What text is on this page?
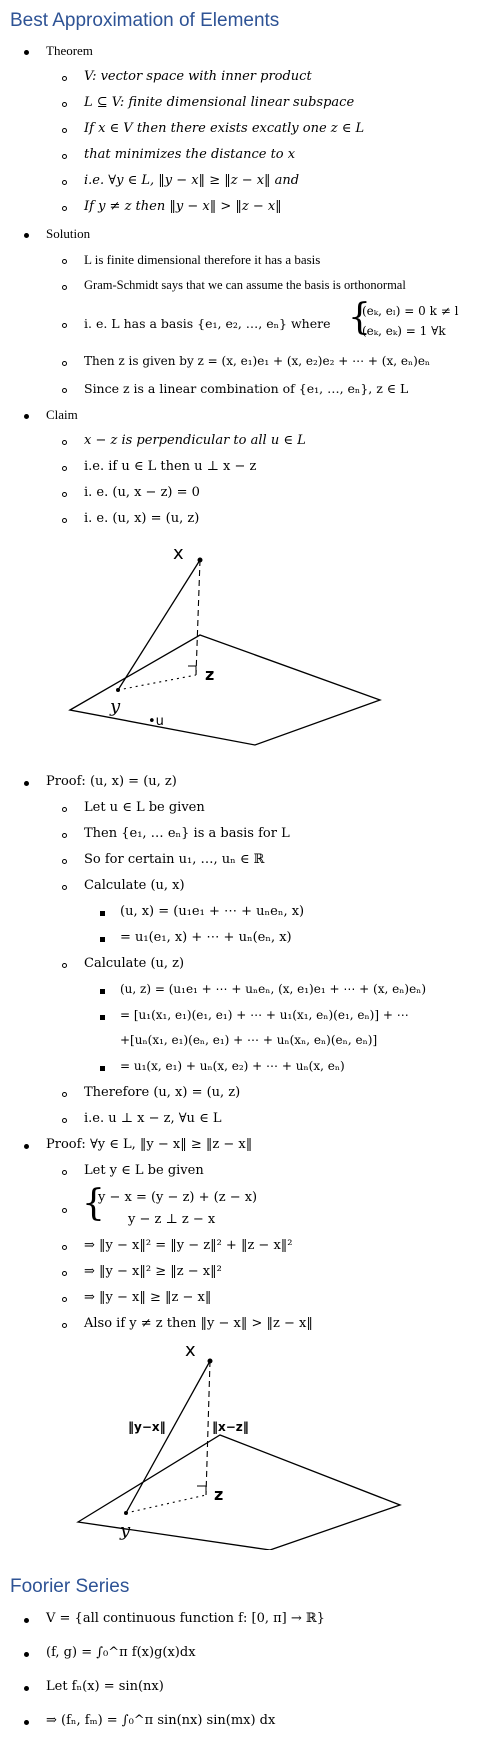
Best Approximation of Elements
Theorem
V: vector space with inner product
L ⊆ V: finite dimensional linear subspace
If x ∈ V then there exists excatly one z ∈ L
that minimizes the distance to x
i.e. ∀y ∈ L, ‖y − x‖ ≥ ‖z − x‖ and
If y ≠ z then ‖y − x‖ > ‖z − x‖
Solution
L is finite dimensional therefore it has a basis
Gram-Schmidt says that we can assume the basis is orthonormal
i. e. L has a basis {e₁, e₂, …, eₙ} where {
(eₖ, eₗ) = 0 k ≠ l
(eₖ, eₖ) = 1 ∀k
Then z is given by z = (x, e₁)e₁ + (x, e₂)e₂ + ⋯ + (x, eₙ)eₙ
Since z is a linear combination of {e₁, …, eₙ}, z ∈ L
Claim
x − z is perpendicular to all u ∈ L
i.e. if u ∈ L then u ⊥ x − z
i. e. (u, x − z) = 0
i. e. (u, x) = (u, z)
x
z
y
•u
Proof: (u, x) = (u, z)
Let u ∈ L be given
Then {e₁, … eₙ} is a basis for L
So for certain u₁, …, uₙ ∈ ℝ
Calculate (u, x)
(u, x) = (u₁e₁ + ⋯ + uₙeₙ, x)
= u₁(e₁, x) + ⋯ + uₙ(eₙ, x)
Calculate (u, z)
(u, z) = (u₁e₁ + ⋯ + uₙeₙ, (x, e₁)e₁ + ⋯ + (x, eₙ)eₙ)
= [u₁(x₁, e₁)(e₁, e₁) + ⋯ + u₁(x₁, eₙ)(e₁, eₙ)] + ⋯
+[uₙ(x₁, e₁)(eₙ, e₁) + ⋯ + uₙ(xₙ, eₙ)(eₙ, eₙ)]
= u₁(x, e₁) + uₙ(x, e₂) + ⋯ + uₙ(x, eₙ)
Therefore (u, x) = (u, z)
i.e. u ⊥ x − z, ∀u ∈ L
Proof: ∀y ∈ L, ‖y − x‖ ≥ ‖z − x‖
Let y ∈ L be given
{
y − x = (y − z) + (z − x)
y − z ⊥ z − x
⇒ ‖y − x‖² = ‖y − z‖² + ‖z − x‖²
⇒ ‖y − x‖² ≥ ‖z − x‖²
⇒ ‖y − x‖ ≥ ‖z − x‖
Also if y ≠ z then ‖y − x‖ > ‖z − x‖
x
‖y−x‖	‖x−z‖
z
y
Foorier Series
V = {all continuous function f: [0, π] → ℝ}
(f, g) = ∫₀^π f(x)g(x)dx
Let fₙ(x) = sin(nx)
⇒ (fₙ, fₘ) = ∫₀^π sin(nx) sin(mx) dx
